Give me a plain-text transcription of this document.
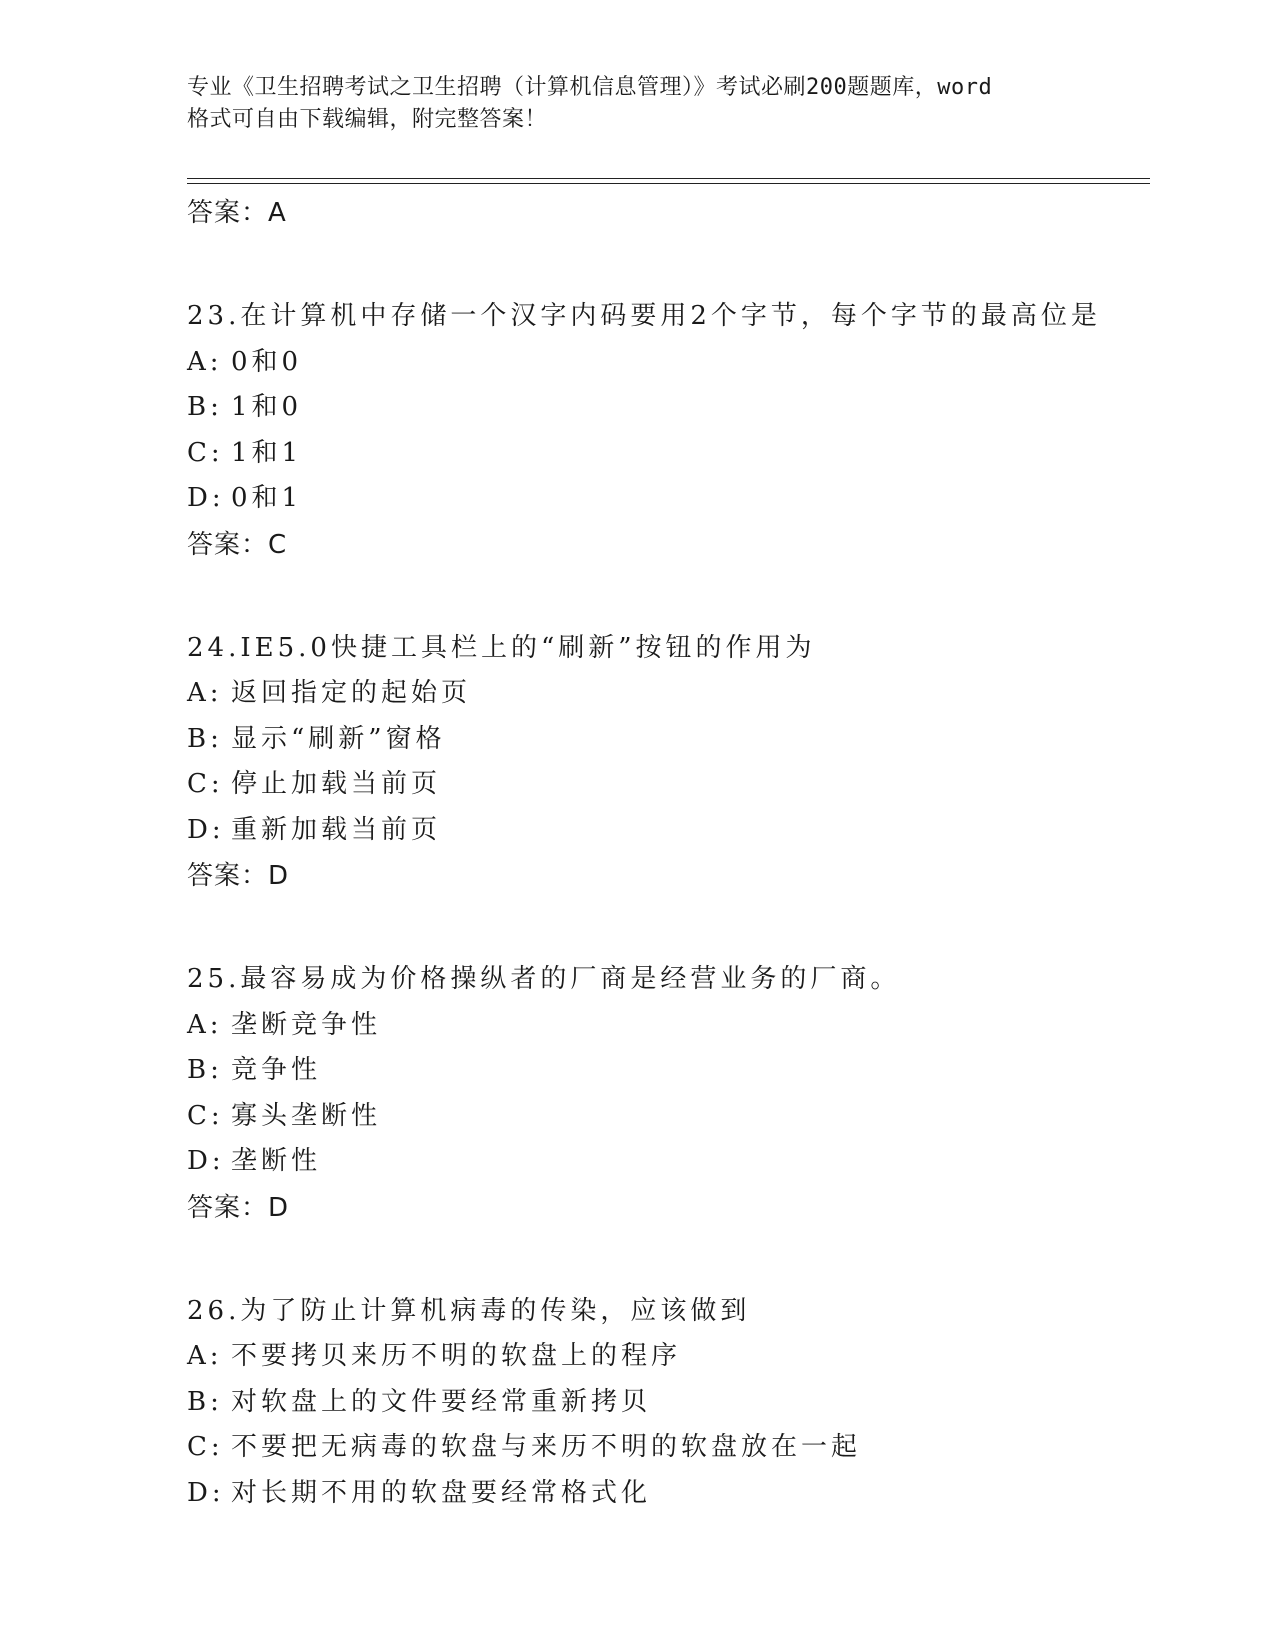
专业《卫生招聘考试之卫生招聘（计算机信息管理）》考试必刷200题题库，word
格式可自由下载编辑，附完整答案！
答案：A
23.在计算机中存储一个汉字内码要用2个字节，每个字节的最高位是
A: 0和0
B: 1和0
C: 1和1
D: 0和1
答案：C
24.IE5.0快捷工具栏上的“刷新”按钮的作用为
A: 返回指定的起始页
B: 显示“刷新”窗格
C: 停止加载当前页
D: 重新加载当前页
答案：D
25.最容易成为价格操纵者的厂商是经营业务的厂商。
A: 垄断竞争性
B: 竞争性
C: 寡头垄断性
D: 垄断性
答案：D
26.为了防止计算机病毒的传染，应该做到
A: 不要拷贝来历不明的软盘上的程序
B: 对软盘上的文件要经常重新拷贝
C: 不要把无病毒的软盘与来历不明的软盘放在一起
D: 对长期不用的软盘要经常格式化
